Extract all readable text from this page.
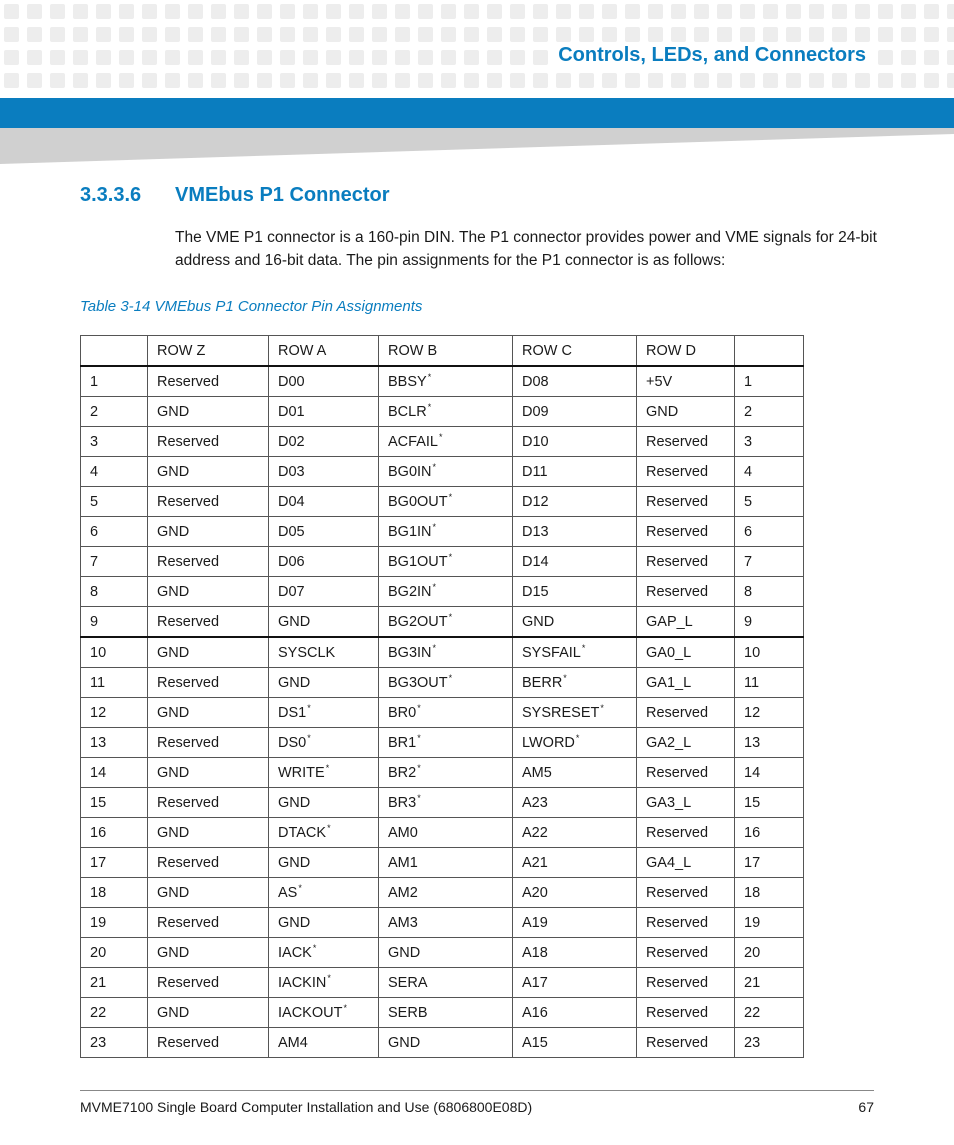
Controls, LEDs, and Connectors
3.3.3.6 VMEbus P1 Connector
The VME P1 connector is a 160-pin DIN. The P1 connector provides power and VME signals for 24-bit address and 16-bit data. The pin assignments for the P1 connector is as follows:
Table 3-14 VMEbus P1 Connector Pin Assignments
	ROW Z	ROW A	ROW B	ROW C	ROW D	
1	Reserved	D00	BBSY*	D08	+5V	1
2	GND	D01	BCLR*	D09	GND	2
3	Reserved	D02	ACFAIL*	D10	Reserved	3
4	GND	D03	BG0IN*	D11	Reserved	4
5	Reserved	D04	BG0OUT*	D12	Reserved	5
6	GND	D05	BG1IN*	D13	Reserved	6
7	Reserved	D06	BG1OUT*	D14	Reserved	7
8	GND	D07	BG2IN*	D15	Reserved	8
9	Reserved	GND	BG2OUT*	GND	GAP_L	9
10	GND	SYSCLK	BG3IN*	SYSFAIL*	GA0_L	10
11	Reserved	GND	BG3OUT*	BERR*	GA1_L	11
12	GND	DS1*	BR0*	SYSRESET*	Reserved	12
13	Reserved	DS0*	BR1*	LWORD*	GA2_L	13
14	GND	WRITE*	BR2*	AM5	Reserved	14
15	Reserved	GND	BR3*	A23	GA3_L	15
16	GND	DTACK*	AM0	A22	Reserved	16
17	Reserved	GND	AM1	A21	GA4_L	17
18	GND	AS*	AM2	A20	Reserved	18
19	Reserved	GND	AM3	A19	Reserved	19
20	GND	IACK*	GND	A18	Reserved	20
21	Reserved	IACKIN*	SERA	A17	Reserved	21
22	GND	IACKOUT*	SERB	A16	Reserved	22
23	Reserved	AM4	GND	A15	Reserved	23
MVME7100 Single Board Computer Installation and Use (6806800E08D)	67
